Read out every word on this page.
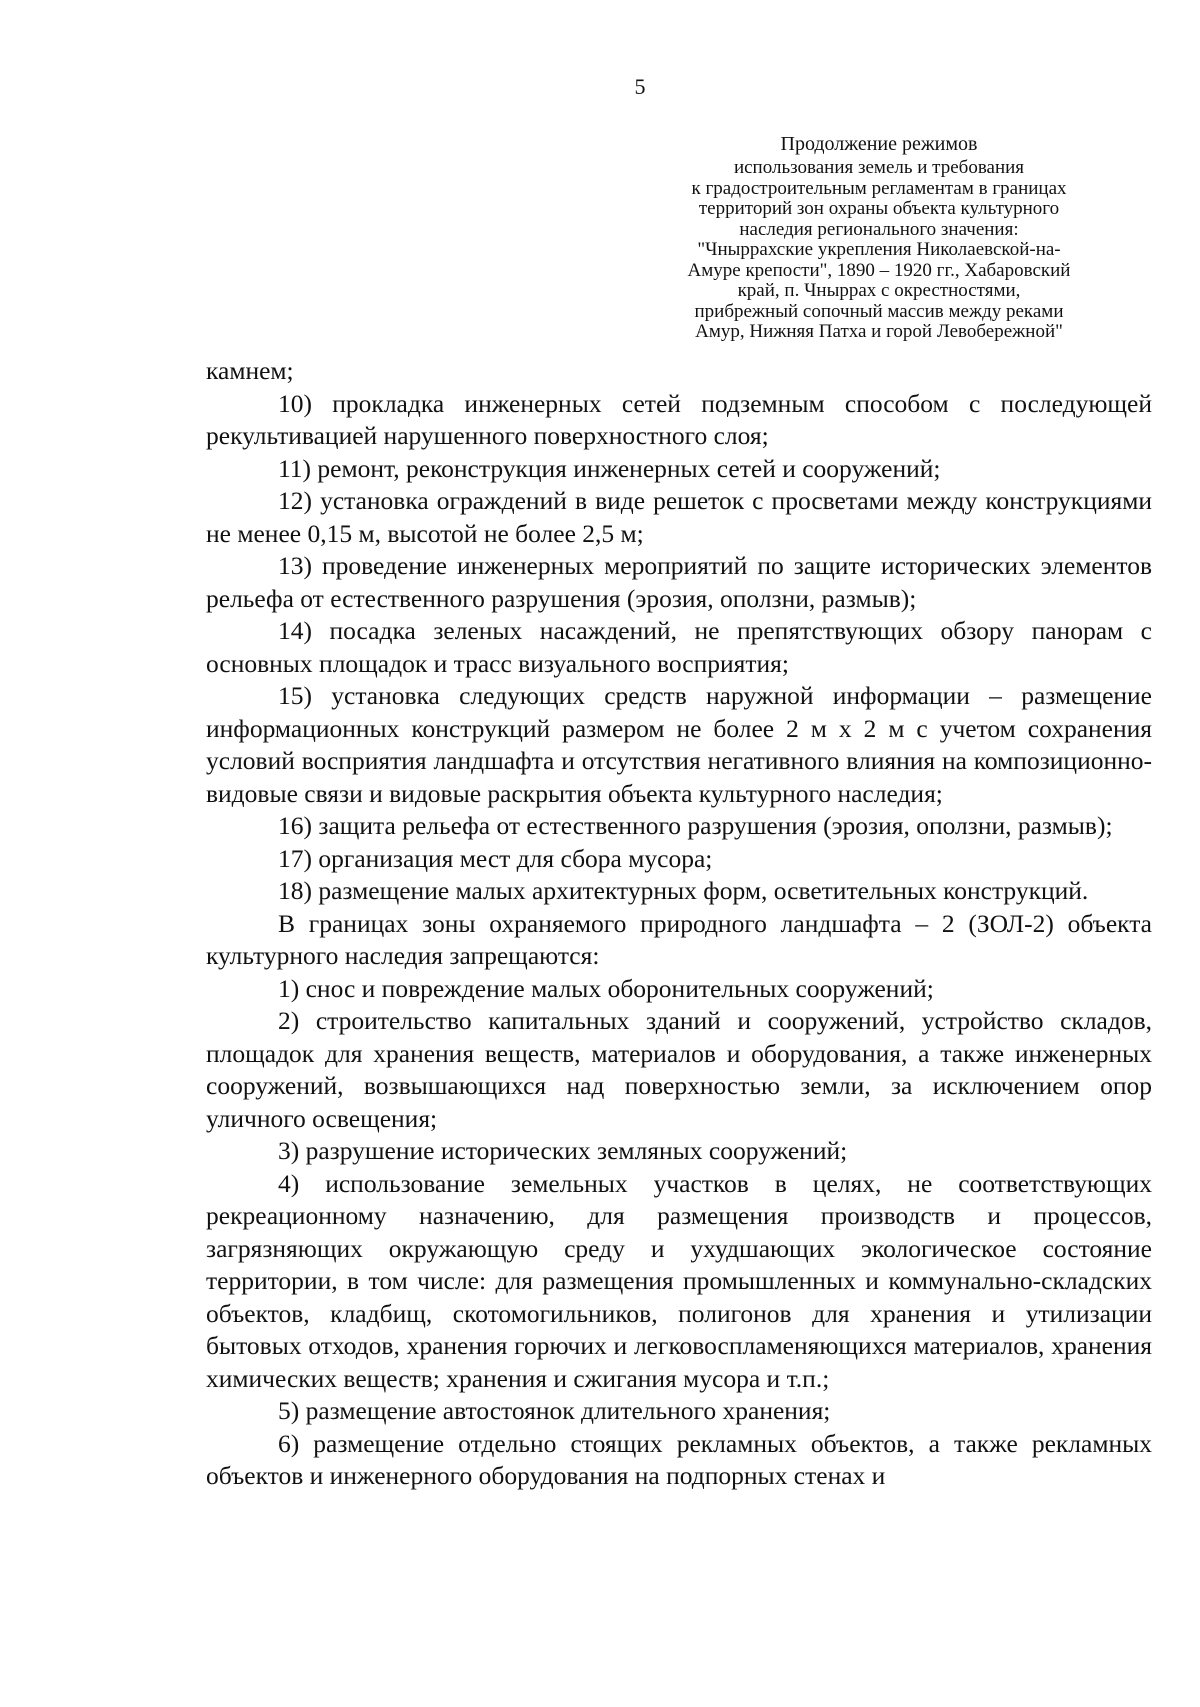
5
Продолжение режимов
использования земель и требования
к градостроительным регламентам в границах
территорий зон охраны объекта культурного
наследия регионального значения:
"Чныррахские укрепления Николаевской-на-
Амуре крепости", 1890 – 1920 гг., Хабаровский
край, п. Чныррах с окрестностями,
прибрежный сопочный массив между реками
Амур, Нижняя Патха и горой Левобережной"

камнем;

10) прокладка инженерных сетей подземным способом с последующей рекультивацией нарушенного поверхностного слоя;

11) ремонт, реконструкция инженерных сетей и сооружений;

12) установка ограждений в виде решеток с просветами между конструкциями не менее 0,15 м, высотой не более 2,5 м;

13) проведение инженерных мероприятий по защите исторических элементов рельефа от естественного разрушения (эрозия, оползни, размыв);

14) посадка зеленых насаждений, не препятствующих обзору панорам с основных площадок и трасс визуального восприятия;

15) установка следующих средств наружной информации – размещение информационных конструкций размером не более 2 м х 2 м с учетом сохранения условий восприятия ландшафта и отсутствия негативного влияния на композиционно-видовые связи и видовые раскрытия объекта культурного наследия;

16) защита рельефа от естественного разрушения (эрозия, оползни, размыв);

17) организация мест для сбора мусора;

18) размещение малых архитектурных форм, осветительных конструкций.

В границах зоны охраняемого природного ландшафта – 2 (ЗОЛ-2) объекта культурного наследия запрещаются:

1) снос и повреждение малых оборонительных сооружений;

2) строительство капитальных зданий и сооружений, устройство складов, площадок для хранения веществ, материалов и оборудования, а также инженерных сооружений, возвышающихся над поверхностью земли, за исключением опор уличного освещения;

3) разрушение исторических земляных сооружений;

4) использование земельных участков в целях, не соответствующих рекреационному назначению, для размещения производств и процессов, загрязняющих окружающую среду и ухудшающих экологическое состояние территории, в том числе: для размещения промышленных и коммунально-складских объектов, кладбищ, скотомогильников, полигонов для хранения и утилизации бытовых отходов, хранения горючих и легковоспламеняющихся материалов, хранения химических веществ; хранения и сжигания мусора и т.п.;

5) размещение автостоянок длительного хранения;

6) размещение отдельно стоящих рекламных объектов, а также рекламных объектов и инженерного оборудования на подпорных стенах и
